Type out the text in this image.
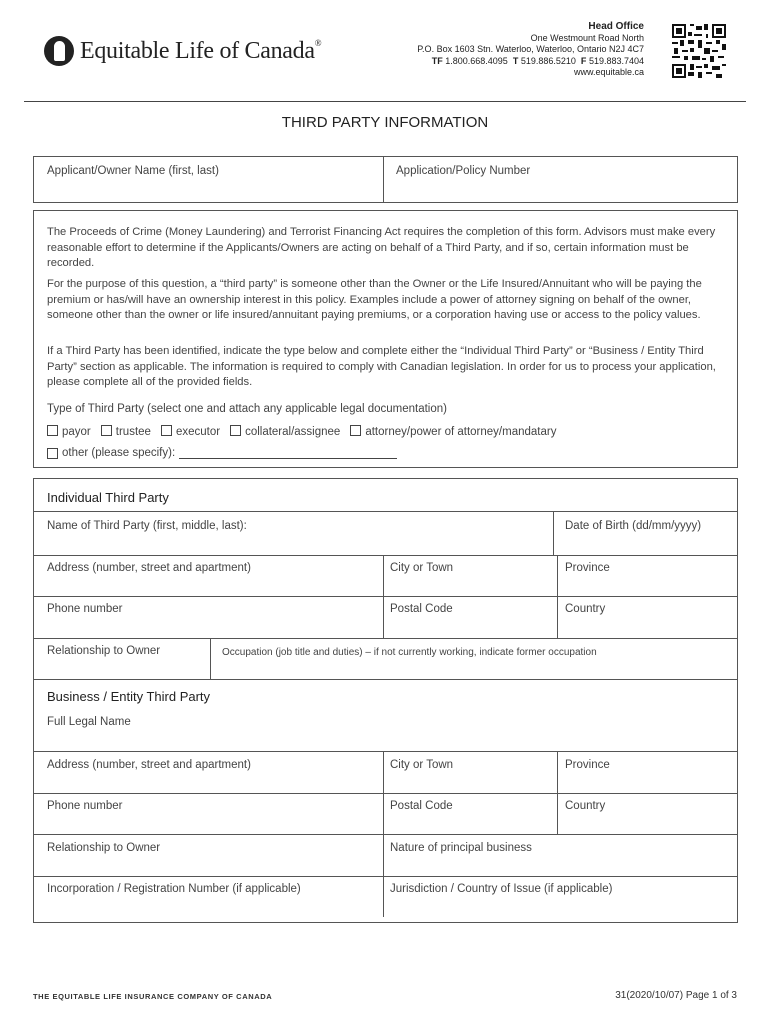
Equitable Life of Canada®
Head Office
One Westmount Road North
P.O. Box 1603 Stn. Waterloo, Waterloo, Ontario N2J 4C7
TF 1.800.668.4095 T 519.886.5210 F 519.883.7404
www.equitable.ca
THIRD PARTY INFORMATION
Applicant/Owner Name (first, last)	Application/Policy Number
The Proceeds of Crime (Money Laundering) and Terrorist Financing Act requires the completion of this form. Advisors must make every reasonable effort to determine if the Applicants/Owners are acting on behalf of a Third Party, and if so, certain information must be recorded.
For the purpose of this question, a “third party” is someone other than the Owner or the Life Insured/Annuitant who will be paying the premium or has/will have an ownership interest in this policy. Examples include a power of attorney signing on behalf of the owner, someone other than the owner or life insured/annuitant paying premiums, or a corporation having use or access to the policy values.
If a Third Party has been identified, indicate the type below and complete either the “Individual Third Party” or “Business / Entity Third Party” section as applicable. The information is required to comply with Canadian legislation. In order for us to process your application, please complete all of the provided fields.
Type of Third Party (select one and attach any applicable legal documentation)
payor	trustee	executor	collateral/assignee	attorney/power of attorney/mandatary
other (please specify):
Individual Third Party
Name of Third Party (first, middle, last):	Date of Birth (dd/mm/yyyy)
Address (number, street and apartment)	City or Town	Province
Phone number	Postal Code	Country
Relationship to Owner	Occupation (job title and duties) – if not currently working, indicate former occupation
Business / Entity Third Party
Full Legal Name
Address (number, street and apartment)	City or Town	Province
Phone number	Postal Code	Country
Relationship to Owner	Nature of principal business
Incorporation / Registration Number (if applicable)	Jurisdiction / Country of Issue (if applicable)
THE EQUITABLE LIFE INSURANCE COMPANY OF CANADA	31(2020/10/07) Page 1 of 3
